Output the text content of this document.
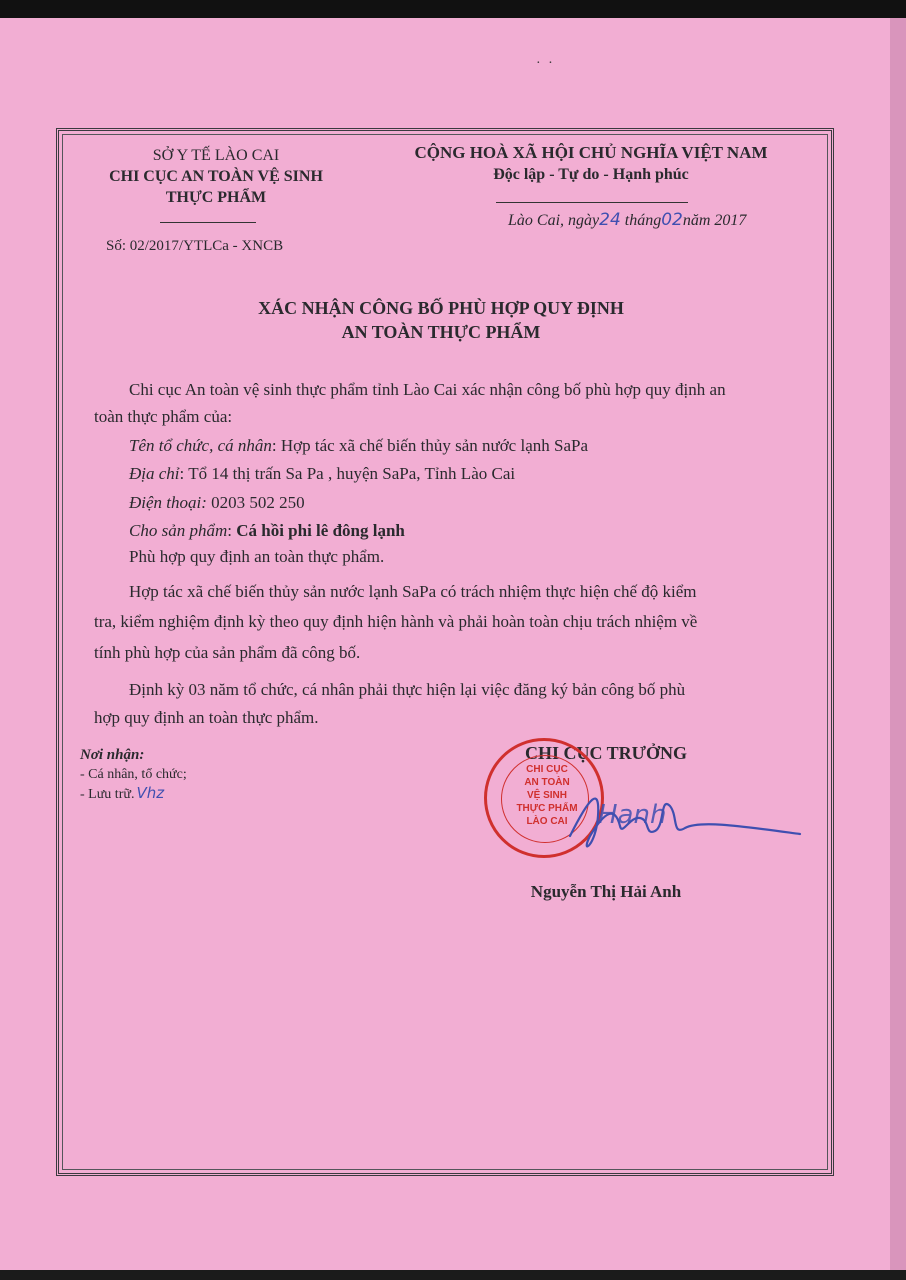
· ·
SỞ Y TẾ LÀO CAI
CHI CỤC AN TOÀN VỆ SINH
THỰC PHẨM
Số: 02/2017/YTLCa - XNCB
CỘNG HOÀ XÃ HỘI CHỦ NGHĨA VIỆT NAM
Độc lập - Tự do - Hạnh phúc
Lào Cai, ngày24 tháng02năm 2017
XÁC NHẬN CÔNG BỐ PHÙ HỢP QUY ĐỊNH
AN TOÀN THỰC PHẨM
Chi cục An toàn vệ sinh thực phẩm tỉnh Lào Cai xác nhận công bố phù hợp quy định an
toàn thực phẩm của:
Tên tổ chức, cá nhân: Hợp tác xã chế biến thủy sản nước lạnh SaPa
Địa chỉ: Tổ 14 thị trấn Sa Pa , huyện SaPa, Tỉnh Lào Cai
Điện thoại: 0203 502 250
Cho sản phẩm: Cá hồi phi lê đông lạnh
Phù hợp quy định an toàn thực phẩm.
Hợp tác xã chế biến thủy sản nước lạnh SaPa có trách nhiệm thực hiện chế độ kiểm
tra, kiểm nghiệm định kỳ theo quy định hiện hành và phải hoàn toàn chịu trách nhiệm về
tính phù hợp của sản phẩm đã công bố.
Định kỳ 03 năm tổ chức, cá nhân phải thực hiện lại việc đăng ký bản công bố phù
hợp quy định an toàn thực phẩm.
Nơi nhận:
- Cá nhân, tổ chức;
- Lưu trữ. Vhz
CHI CỤC TRƯỞNG
CHI CỤC
AN TOÀN
VỆ SINH
THỰC PHẨM
LÀO CAI	Hanh
Nguyễn Thị Hải Anh
